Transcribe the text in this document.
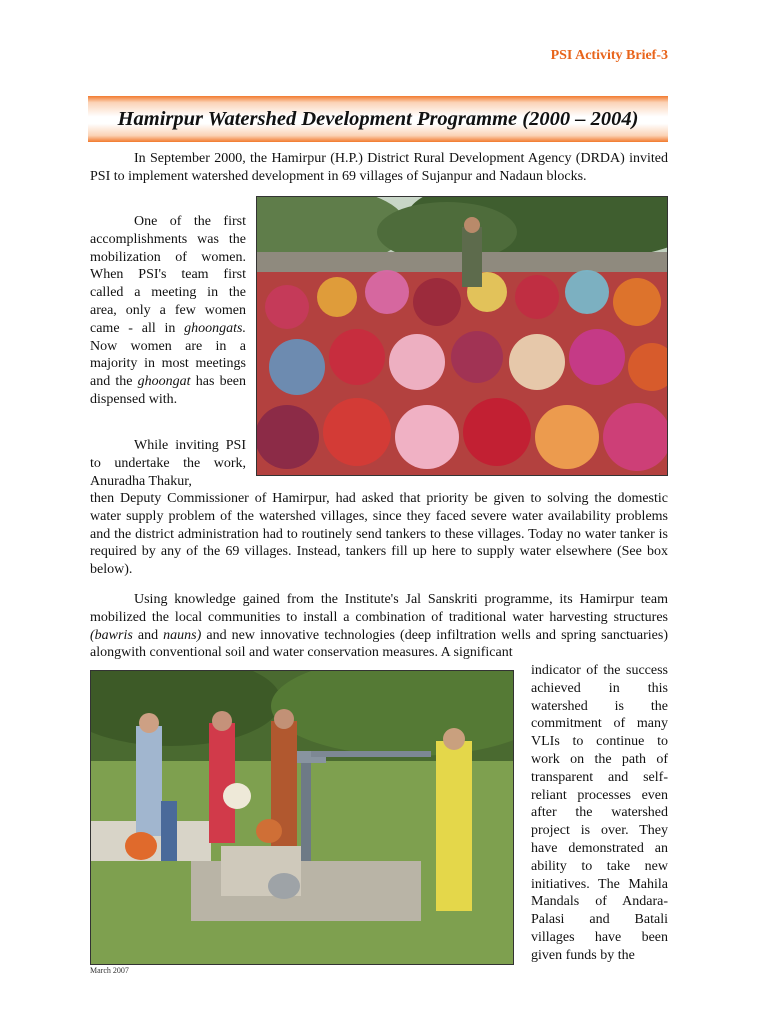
PSI Activity Brief-3
Hamirpur Watershed Development Programme (2000 – 2004)

In September 2000, the Hamirpur (H.P.) District Rural Development Agency (DRDA) invited PSI to implement watershed development in 69 villages of Sujanpur and Nadaun blocks.

One of the first accomplishments was the mobilization of women. When PSI's team first called a meeting in the area, only a few women came - all in ghoongats. Now women are in a majority in most meetings and the ghoongat has been dispensed with.

While inviting PSI to undertake the work, Anuradha Thakur,

then Deputy Commissioner of Hamirpur, had asked that priority be given to solving the domestic water supply problem of the watershed villages, since they faced severe water availability problems and the district administration had to routinely send tankers to these villages. Today no water tanker is required by any of the 69 villages. Instead, tankers fill up here to supply water elsewhere (See box below).

Using knowledge gained from the Institute's Jal Sanskriti programme, its Hamirpur team mobilized the local communities to install a combination of traditional water harvesting structures (bawris and nauns) and new innovative technologies (deep infiltration wells and spring sanctuaries) alongwith conventional soil and water conservation measures. A significant

indicator of the success achieved in this watershed is the commitment of many VLIs to continue to work on the path of transparent and self-reliant processes even after the watershed project is over. They have demonstrated an ability to take new initiatives. The Mahila Mandals of Andara-Palasi and Batali villages have been given funds by the

March 2007
